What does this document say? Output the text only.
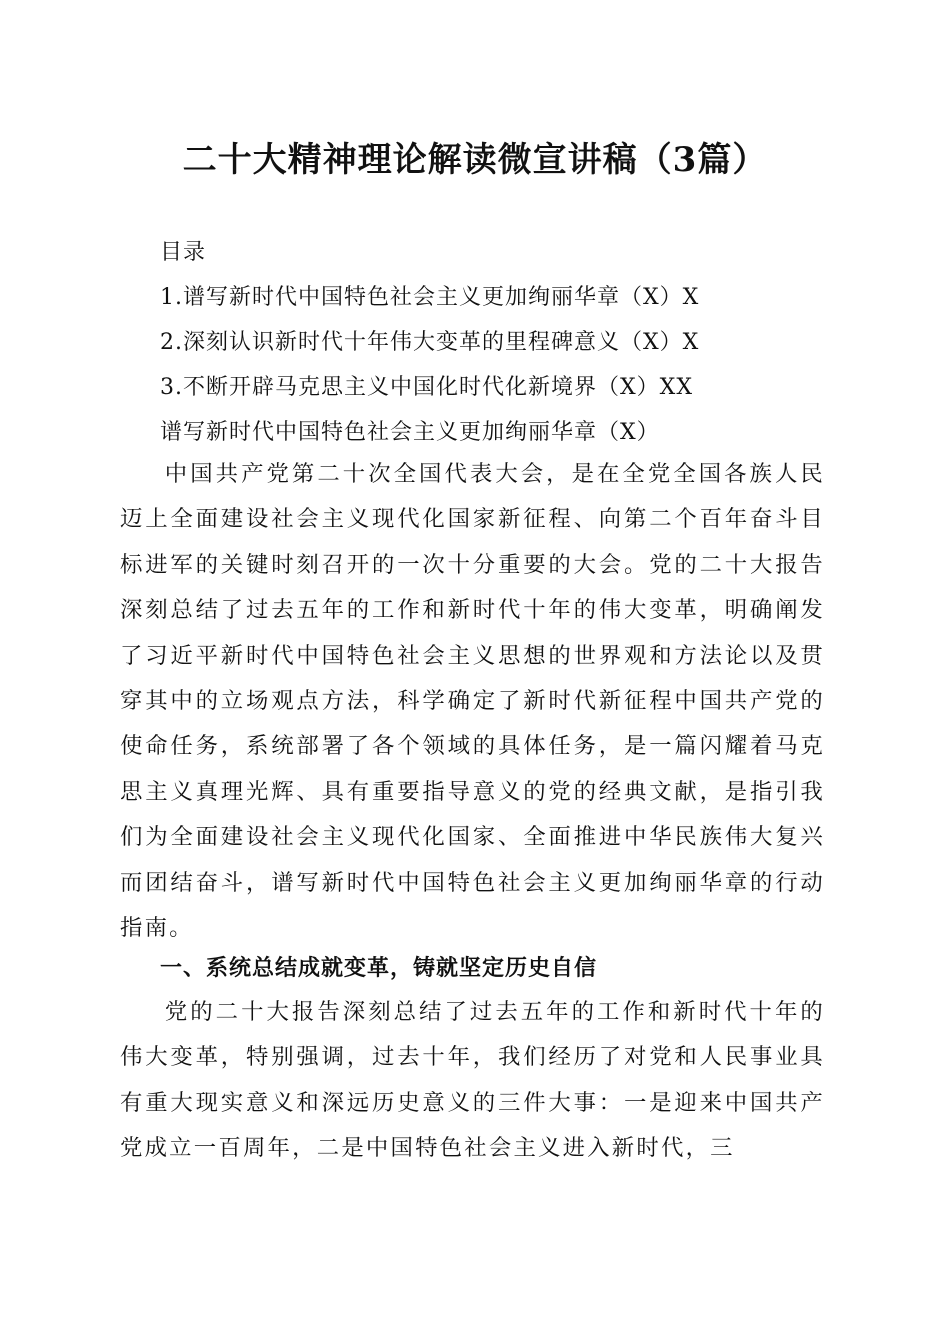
二十大精神理论解读微宣讲稿（3篇）
目录
1.谱写新时代中国特色社会主义更加绚丽华章（X）X
2.深刻认识新时代十年伟大变革的里程碑意义（X）X
3.不断开辟马克思主义中国化时代化新境界（X）XX
谱写新时代中国特色社会主义更加绚丽华章（X）

中国共产党第二十次全国代表大会，是在全党全国各族人民迈上全面建设社会主义现代化国家新征程、向第二个百年奋斗目标进军的关键时刻召开的一次十分重要的大会。党的二十大报告深刻总结了过去五年的工作和新时代十年的伟大变革，明确阐发了习近平新时代中国特色社会主义思想的世界观和方法论以及贯穿其中的立场观点方法，科学确定了新时代新征程中国共产党的使命任务，系统部署了各个领域的具体任务，是一篇闪耀着马克思主义真理光辉、具有重要指导意义的党的经典文献，是指引我们为全面建设社会主义现代化国家、全面推进中华民族伟大复兴而团结奋斗，谱写新时代中国特色社会主义更加绚丽华章的行动指南。

一、系统总结成就变革，铸就坚定历史自信

党的二十大报告深刻总结了过去五年的工作和新时代十年的伟大变革，特别强调，过去十年，我们经历了对党和人民事业具有重大现实意义和深远历史意义的三件大事：一是迎来中国共产党成立一百周年，二是中国特色社会主义进入新时代，三
